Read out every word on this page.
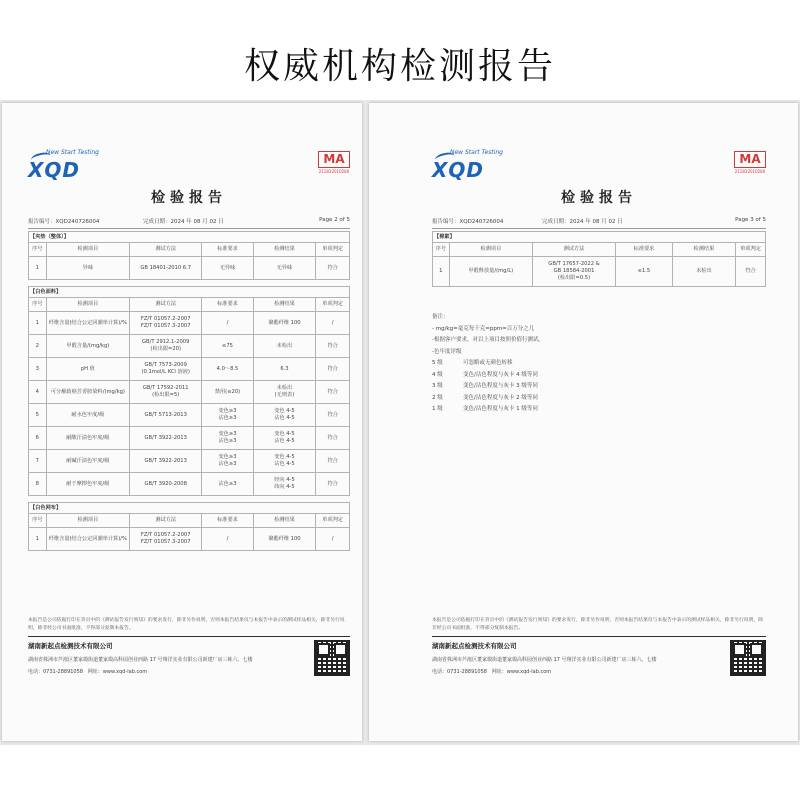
权威机构检测报告
New Start Testing
XQD	MA
211832010280
检验报告
报告编号：XQD240726004	完成日期：2024 年 08 月 02 日	Page 2 of 5
【夹垫（整体）】					
序号	检测项目	测试方法	标准要求	检测结果	单项判定
1	异味	GB 18401-2010 6.7	无异味	无异味	符合

【白色面料】					
序号	检测项目	测试方法	标准要求	检测结果	单项判定
1	纤维含量(结合公定回潮率计算)/%	FZ/T 01057.2-2007
FZ/T 01057.3-2007	/	聚酯纤维 100	/
2	甲醛含量/(mg/kg)	GB/T 2912.1-2009
(检出限=20)	≤75	未检出	符合
3	pH 值	GB/T 7573-2009
(0.1mol/L KCl 溶液)	4.0～8.5	6.3	符合
4	可分解致癌芳香胺染料/(mg/kg)	GB/T 17592-2011
(检出限=5)	禁用(≤20)	未检出
(无则表)	符合
5	耐水色牢度/级	GB/T 5713-2013	变色≥3
沾色≥3	变色 4-5
沾色 4-5	符合
6	耐酸汗渍色牢度/级	GB/T 3922-2013	变色≥3
沾色≥3	变色 4-5
沾色 4-5	符合
7	耐碱汗渍色牢度/级	GB/T 3922-2013	变色≥3
沾色≥3	变色 4-5
沾色 4-5	符合
8	耐干摩擦色牢度/级	GB/T 3920-2008	沾色≥3	经向 4-5
纬向 4-5	符合

【白色网布】					
序号	检测项目	测试方法	标准要求	检测结果	单项判定
1	纤维含量(结合公定回潮率计算)/%	FZ/T 01057.2-2007
FZ/T 01057.3-2007	/	聚酯纤维 100	/
本报告是公司依据打印在背页中的《测试报告发行须知》的要求发行，除非另作说明，否则本报告结果仅与本报告中表示的测试样品相关，除非另行说明，除非经公司书面批准，不得部分复制本报告。
湖南新起点检测技术有限公司
湖南省株洲市芦淞区董家塅街道董家塅高科园创业西路 17 号翔洋实业有限公司新建厂房三栋六、七楼
电话：0731-28891058 网址：www.xqd-lab.com
New Start Testing
XQD	MA
211832010280
检验报告
报告编号：XQD240726004	完成日期：2024 年 08 月 02 日	Page 3 of 5
【棉絮】					
序号	检测项目	测试方法	标准要求	检测结果	单项判定
1	甲醛释放量/(mg/L)	GB/T 17657-2022 &
GB 18584-2001
(检出限=0.5)	≤1.5	未检出	符合
备注：
- mg/kg=毫克每千克=ppm=百万分之几
-根据客户要求，对以上项目按照价值行测试。
-色牢度评级
5 级	可忽略或无颜色转移
4 级	变色/沾色程度与灰卡 4 级等同
3 级	变色/沾色程度与灰卡 3 级等同
2 级	变色/沾色程度与灰卡 2 级等同
1 级	变色/沾色程度与灰卡 1 级等同
本报告是公司依据打印在背页中的《测试报告发行须知》的要求发行，除非另作说明，否则本报告结果仅与本报告中表示的测试样品相关，除非另行说明，除非经公司书面批准，不得部分复制本报告。
湖南新起点检测技术有限公司
湖南省株洲市芦淞区董家塅街道董家塅高科园创业西路 17 号翔洋实业有限公司新建厂房三栋六、七楼
电话：0731-28891058 网址：www.xqd-lab.com
